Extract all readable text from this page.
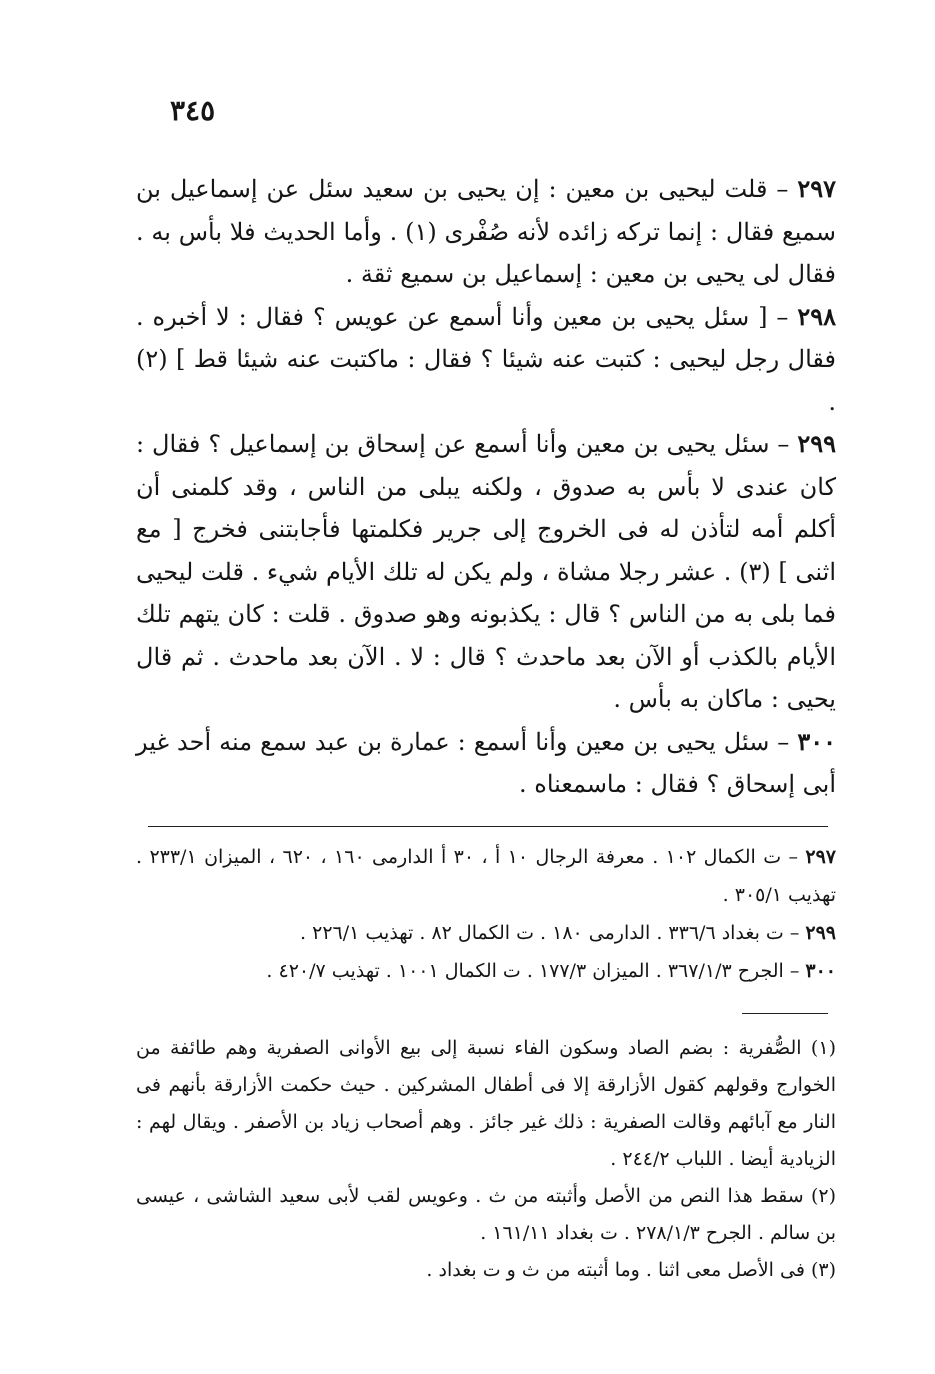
٣٤٥

٢٩٧ – قلت ليحيى بن معين : إن يحيى بن سعيد سئل عن إسماعيل بن سميع فقال : إنما تركه زائده لأنه صُفْرى (١) . وأما الحديث فلا بأس به . فقال لى يحيى بن معين : إسماعيل بن سميع ثقة .

٢٩٨ – [ سئل يحيى بن معين وأنا أسمع عن عويس ؟ فقال : لا أخبره . فقال رجل ليحيى : كتبت عنه شيئا ؟ فقال : ماكتبت عنه شيئا قط ] (٢) .

٢٩٩ – سئل يحيى بن معين وأنا أسمع عن إسحاق بن إسماعيل ؟ فقال : كان عندى لا بأس به صدوق ، ولكنه يبلى من الناس ، وقد كلمنى أن أكلم أمه لتأذن له فى الخروج إلى جرير فكلمتها فأجابتنى فخرج [ مع اثنى ] (٣) . عشر رجلا مشاة ، ولم يكن له تلك الأيام شيء . قلت ليحيى فما بلى به من الناس ؟ قال : يكذبونه وهو صدوق . قلت : كان يتهم تلك الأيام بالكذب أو الآن بعد ماحدث ؟ قال : لا . الآن بعد ماحدث . ثم قال يحيى : ماكان به بأس .

٣٠٠ – سئل يحيى بن معين وأنا أسمع : عمارة بن عبد سمع منه أحد غير أبى إسحاق ؟ فقال : ماسمعناه .

٢٩٧ – ت الكمال ١٠٢ . معرفة الرجال ١٠ أ ، ٣٠ أ الدارمى ١٦٠ ، ٦٢٠ ، الميزان ٢٣٣/١ . تهذيب ٣٠٥/١ .

٢٩٩ – ت بغداد ٣٣٦/٦ . الدارمى ١٨٠ . ت الكمال ٨٢ . تهذيب ٢٢٦/١ .

٣٠٠ – الجرح ٣٦٧/١/٣ . الميزان ١٧٧/٣ . ت الكمال ١٠٠١ . تهذيب ٤٢٠/٧ .

(١) الصُّفرية : بضم الصاد وسكون الفاء نسبة إلى بيع الأوانى الصفرية وهم طائفة من الخوارج وقولهم كقول الأزارقة إلا فى أطفال المشركين . حيث حكمت الأزارقة بأنهم فى النار مع آبائهم وقالت الصفرية : ذلك غير جائز . وهم أصحاب زياد بن الأصفر . ويقال لهم : الزيادية أيضا . اللباب ٢٤٤/٢ .

(٢) سقط هذا النص من الأصل وأثبته من ث . وعويس لقب لأبى سعيد الشاشى ، عيسى بن سالم . الجرح ٢٧٨/١/٣ . ت بغداد ١٦١/١١ .

(٣) فى الأصل معى اثنا . وما أثبته من ث و ت بغداد .
